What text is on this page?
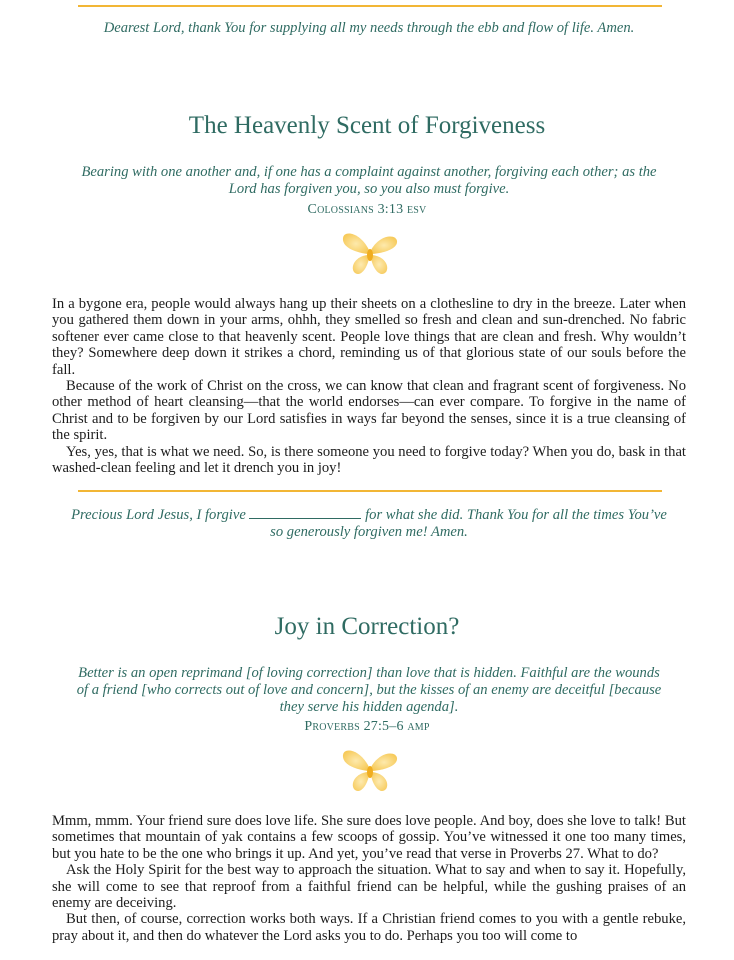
Dearest Lord, thank You for supplying all my needs through the ebb and flow of life. Amen.
The Heavenly Scent of Forgiveness
Bearing with one another and, if one has a complaint against another, forgiving each other; as the
Lord has forgiven you, so you also must forgive.
Colossians 3:13 esv

In a bygone era, people would always hang up their sheets on a clothesline to dry in the breeze. Later when you gathered them down in your arms, ohhh, they smelled so fresh and clean and sun-drenched. No fabric softener ever came close to that heavenly scent. People love things that are clean and fresh. Why wouldn’t they? Somewhere deep down it strikes a chord, reminding us of that glorious state of our souls before the fall.

Because of the work of Christ on the cross, we can know that clean and fragrant scent of forgiveness. No other method of heart cleansing—that the world endorses—can ever compare. To forgive in the name of Christ and to be forgiven by our Lord satisfies in ways far beyond the senses, since it is a true cleansing of the spirit.

Yes, yes, that is what we need. So, is there someone you need to forgive today? When you do, bask in that washed-clean feeling and let it drench you in joy!

Precious Lord Jesus, I forgive	for what she did. Thank You for all the times You’ve
so generously forgiven me! Amen.
Joy in Correction?
Better is an open reprimand [of loving correction] than love that is hidden. Faithful are the wounds
of a friend [who corrects out of love and concern], but the kisses of an enemy are deceitful [because
they serve his hidden agenda].
Proverbs 27:5–6 amp

Mmm, mmm. Your friend sure does love life. She sure does love people. And boy, does she love to talk! But sometimes that mountain of yak contains a few scoops of gossip. You’ve witnessed it one too many times, but you hate to be the one who brings it up. And yet, you’ve read that verse in Proverbs 27. What to do?

Ask the Holy Spirit for the best way to approach the situation. What to say and when to say it. Hopefully, she will come to see that reproof from a faithful friend can be helpful, while the gushing praises of an enemy are deceiving.

But then, of course, correction works both ways. If a Christian friend comes to you with a gentle rebuke, pray about it, and then do whatever the Lord asks you to do. Perhaps you too will come to
